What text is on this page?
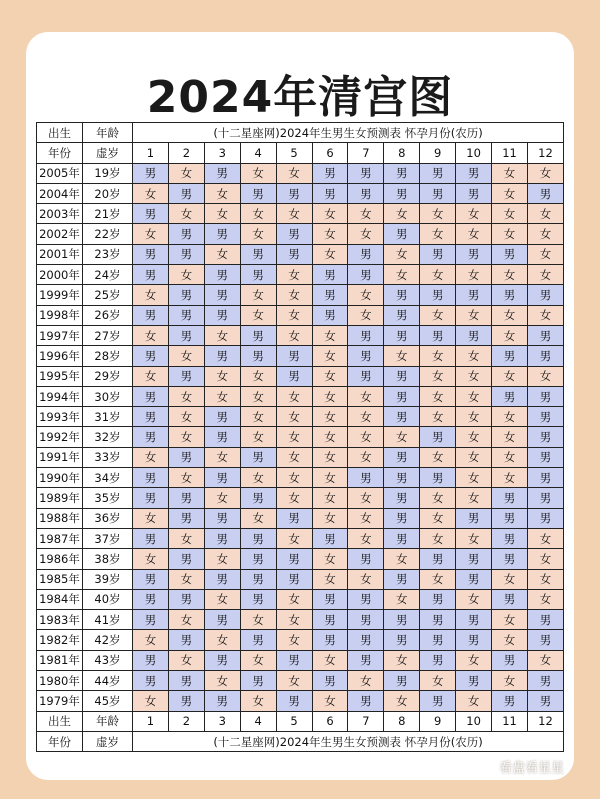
2024年清宫图
出生	年龄	(十二星座网)2024年生男生女预测表 怀孕月份(农历)											
年份	虚岁	1	2	3	4	5	6	7	8	9	10	11	12
2005年	19岁	男	女	男	女	女	男	男	男	男	男	女	女
2004年	20岁	女	男	女	男	男	男	男	男	男	男	女	男
2003年	21岁	男	女	女	女	女	女	女	女	女	女	女	女
2002年	22岁	女	男	男	女	男	女	女	男	女	女	女	女
2001年	23岁	男	男	女	男	男	女	男	女	男	男	男	女
2000年	24岁	男	女	男	男	女	男	男	女	女	女	女	女
1999年	25岁	女	男	男	女	女	男	女	男	男	男	男	男
1998年	26岁	男	男	男	女	女	男	女	男	女	女	女	女
1997年	27岁	女	男	女	男	女	女	男	男	男	男	女	男
1996年	28岁	男	女	男	男	男	女	男	女	女	女	男	男
1995年	29岁	女	男	女	女	男	女	男	男	女	女	女	女
1994年	30岁	男	女	女	女	女	女	女	男	女	女	男	男
1993年	31岁	男	女	男	女	女	女	女	男	女	女	女	男
1992年	32岁	男	女	男	女	女	女	女	女	男	女	女	男
1991年	33岁	女	男	女	男	女	女	女	男	女	女	女	男
1990年	34岁	男	女	男	女	女	女	男	男	男	女	女	男
1989年	35岁	男	男	女	男	女	女	女	男	女	女	男	男
1988年	36岁	女	男	男	女	男	女	女	男	女	男	男	男
1987年	37岁	男	女	男	男	女	男	女	男	女	女	男	女
1986年	38岁	女	男	女	男	男	女	男	女	男	男	男	女
1985年	39岁	男	女	男	男	男	女	女	男	女	男	女	女
1984年	40岁	男	男	女	男	女	男	男	女	男	女	男	女
1983年	41岁	男	女	男	女	女	男	男	男	男	男	女	男
1982年	42岁	女	男	女	男	女	男	男	男	男	男	女	男
1981年	43岁	男	女	男	女	男	女	男	女	男	女	男	女
1980年	44岁	男	男	女	男	女	男	女	男	女	男	女	男
1979年	45岁	女	男	男	女	男	女	男	女	男	女	男	男
出生	年龄	1	2	3	4	5	6	7	8	9	10	11	12
年份	虚岁	(十二星座网)2024年生男生女预测表 怀孕月份(农历)											
看盘看星星
